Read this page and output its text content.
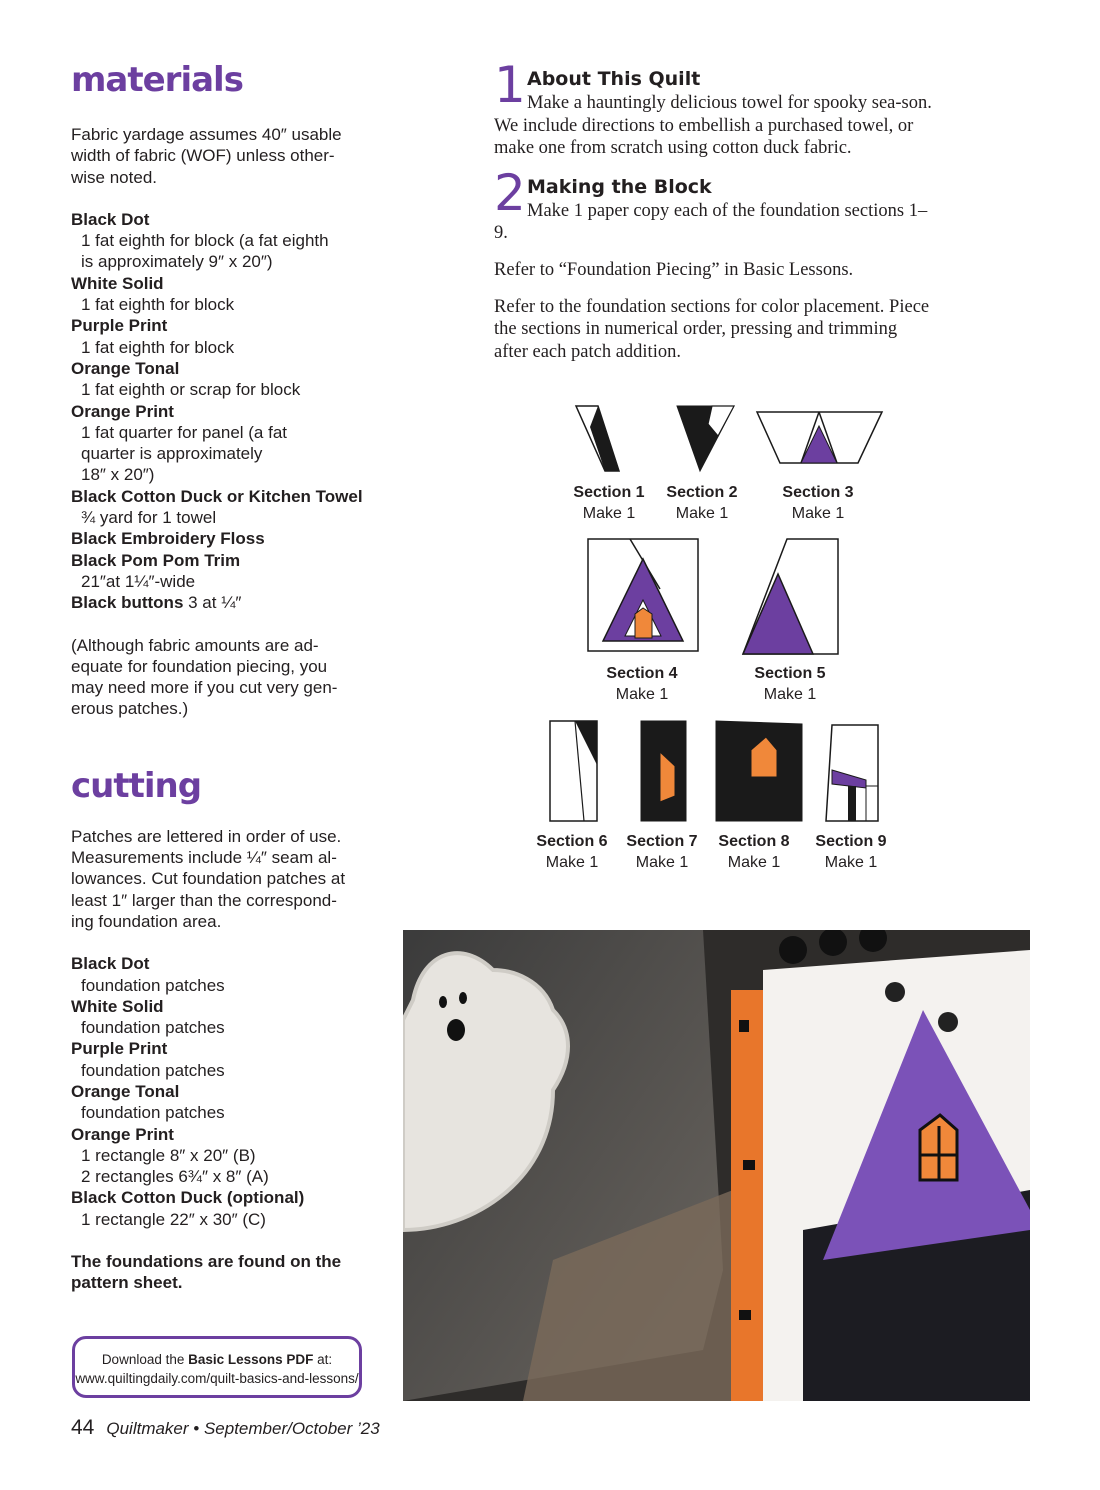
materials

Fabric yardage assumes 40″ usable
width of fabric (WOF) unless other-
wise noted.

Black Dot
1 fat eighth for block (a fat eighth
is approximately 9″ x 20″)
White Solid
1 fat eighth for block
Purple Print
1 fat eighth for block
Orange Tonal
1 fat eighth or scrap for block
Orange Print
1 fat quarter for panel (a fat
quarter is approximately
18″ x 20″)
Black Cotton Duck or Kitchen Towel
¾ yard for 1 towel
Black Embroidery Floss
Black Pom Pom Trim
21″at 1¼″-wide
Black buttons 3 at ¼″

(Although fabric amounts are ad-
equate for foundation piecing, you
may need more if you cut very gen-
erous patches.)

cutting

Patches are lettered in order of use.
Measurements include ¼″ seam al-
lowances. Cut foundation patches at
least 1″ larger than the correspond-
ing foundation area.

Black Dot
foundation patches
White Solid
foundation patches
Purple Print
foundation patches
Orange Tonal
foundation patches
Orange Print
1 rectangle 8″ x 20″ (B)
2 rectangles 6¾″ x 8″ (A)
Black Cotton Duck (optional)
1 rectangle 22″ x 30″ (C)

The foundations are found on the
pattern sheet.

Download the Basic Lessons PDF at:
www.quiltingdaily.com/quilt-basics-and-lessons/
44 Quiltmaker • September/October ’23
1 About This Quilt

Make a hauntingly delicious towel for spooky sea-son. We include directions to embellish a purchased towel, or make one from scratch using cotton duck fabric.

2 Making the Block

Make 1 paper copy each of the foundation sections 1–9.

Refer to “Foundation Piecing” in Basic Lessons.

Refer to the foundation sections for color placement. Piece the sections in numerical order, pressing and trimming after each patch addition.

Section 1
Make 1
Section 2
Make 1
Section 3
Make 1
Section 4
Make 1
Section 5
Make 1
Section 6
Make 1
Section 7
Make 1
Section 8
Make 1
Section 9
Make 1
